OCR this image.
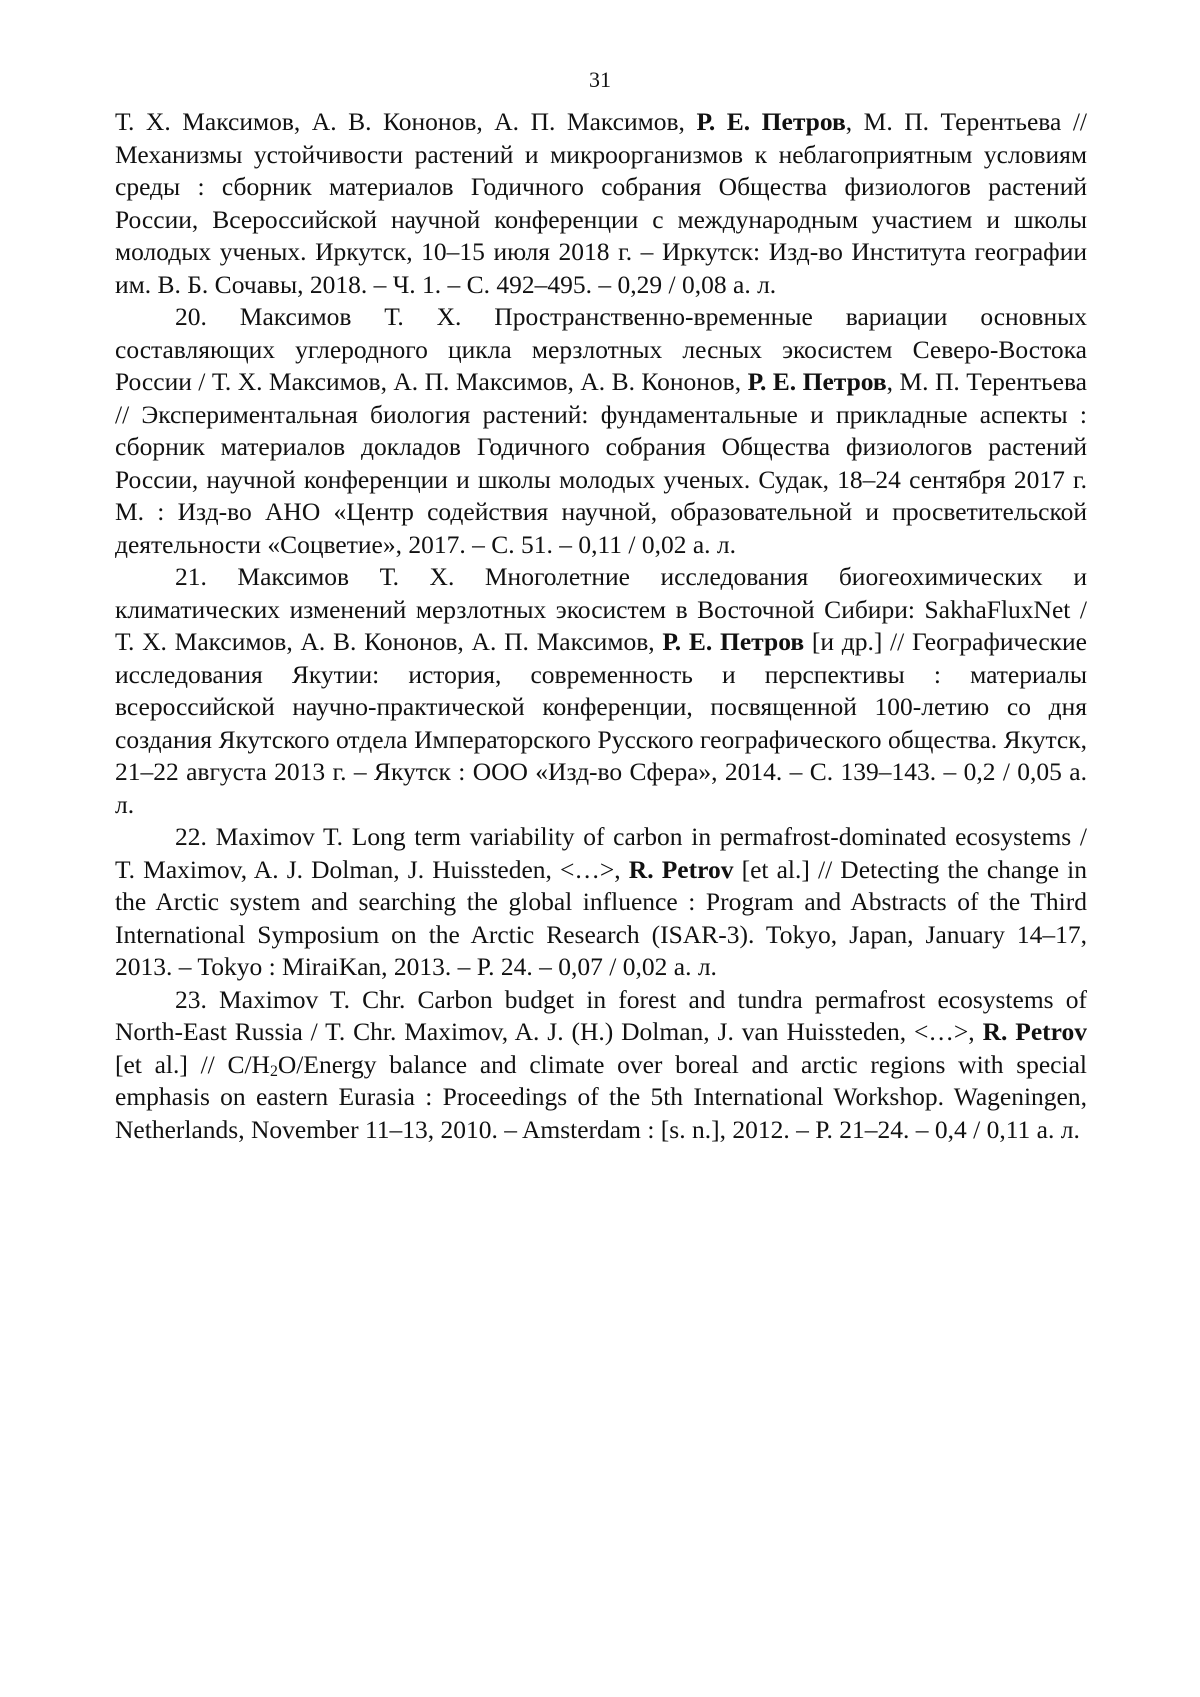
31

Т. Х. Максимов, А. В. Кононов, А. П. Максимов, Р. Е. Петров, М. П. Терентьева // Механизмы устойчивости растений и микроорганизмов к неблагоприятным условиям среды : сборник материалов Годичного собрания Общества физиологов растений России, Всероссийской научной конференции с международным участием и школы молодых ученых. Иркутск, 10–15 июля 2018 г. – Иркутск: Изд-во Института географии им. В. Б. Сочавы, 2018. – Ч. 1. – С. 492–495. – 0,29 / 0,08 а. л.

20. Максимов Т. Х. Пространственно-временные вариации основных составляющих углеродного цикла мерзлотных лесных экосистем Северо-Востока России / Т. Х. Максимов, А. П. Максимов, А. В. Кононов, Р. Е. Петров, М. П. Терентьева // Экспериментальная биология растений: фундаментальные и прикладные аспекты : сборник материалов докладов Годичного собрания Общества физиологов растений России, научной конференции и школы молодых ученых. Судак, 18–24 сентября 2017 г. М. : Изд-во АНО «Центр содействия научной, образовательной и просветительской деятельности «Соцветие», 2017. – С. 51. – 0,11 / 0,02 а. л.

21. Максимов Т. Х. Многолетние исследования биогеохимических и климатических изменений мерзлотных экосистем в Восточной Сибири: SakhaFluxNet / Т. Х. Максимов, А. В. Кононов, А. П. Максимов, Р. Е. Петров [и др.] // Географические исследования Якутии: история, современность и перспективы : материалы всероссийской научно-практической конференции, посвященной 100-летию со дня создания Якутского отдела Императорского Русского географического общества. Якутск, 21–22 августа 2013 г. – Якутск : ООО «Изд-во Сфера», 2014. – С. 139–143. – 0,2 / 0,05 а. л.

22. Maximov T. Long term variability of carbon in permafrost-dominated ecosystems / T. Maximov, A. J. Dolman, J. Huissteden, <…>, R. Petrov [et al.] // Detecting the change in the Arctic system and searching the global influence : Program and Abstracts of the Third International Symposium on the Arctic Research (ISAR-3). Tokyo, Japan, January 14–17, 2013. – Tokyo : MiraiKan, 2013. – P. 24. – 0,07 / 0,02 а. л.

23. Maximov T. Chr. Carbon budget in forest and tundra permafrost ecosystems of North-East Russia / T. Chr. Maximov, A. J. (H.) Dolman, J. van Huissteden, <…>, R. Petrov [et $al.] // C/H_2O$/Energy balance and climate over boreal and arctic regions with special emphasis on eastern Eurasia : Proceedings of the 5th International Workshop. Wageningen, Netherlands, November 11–13, 2010. – Amsterdam : [s. n.], 2012. – P. 21–24. – 0,4 / 0,11 а. л.
